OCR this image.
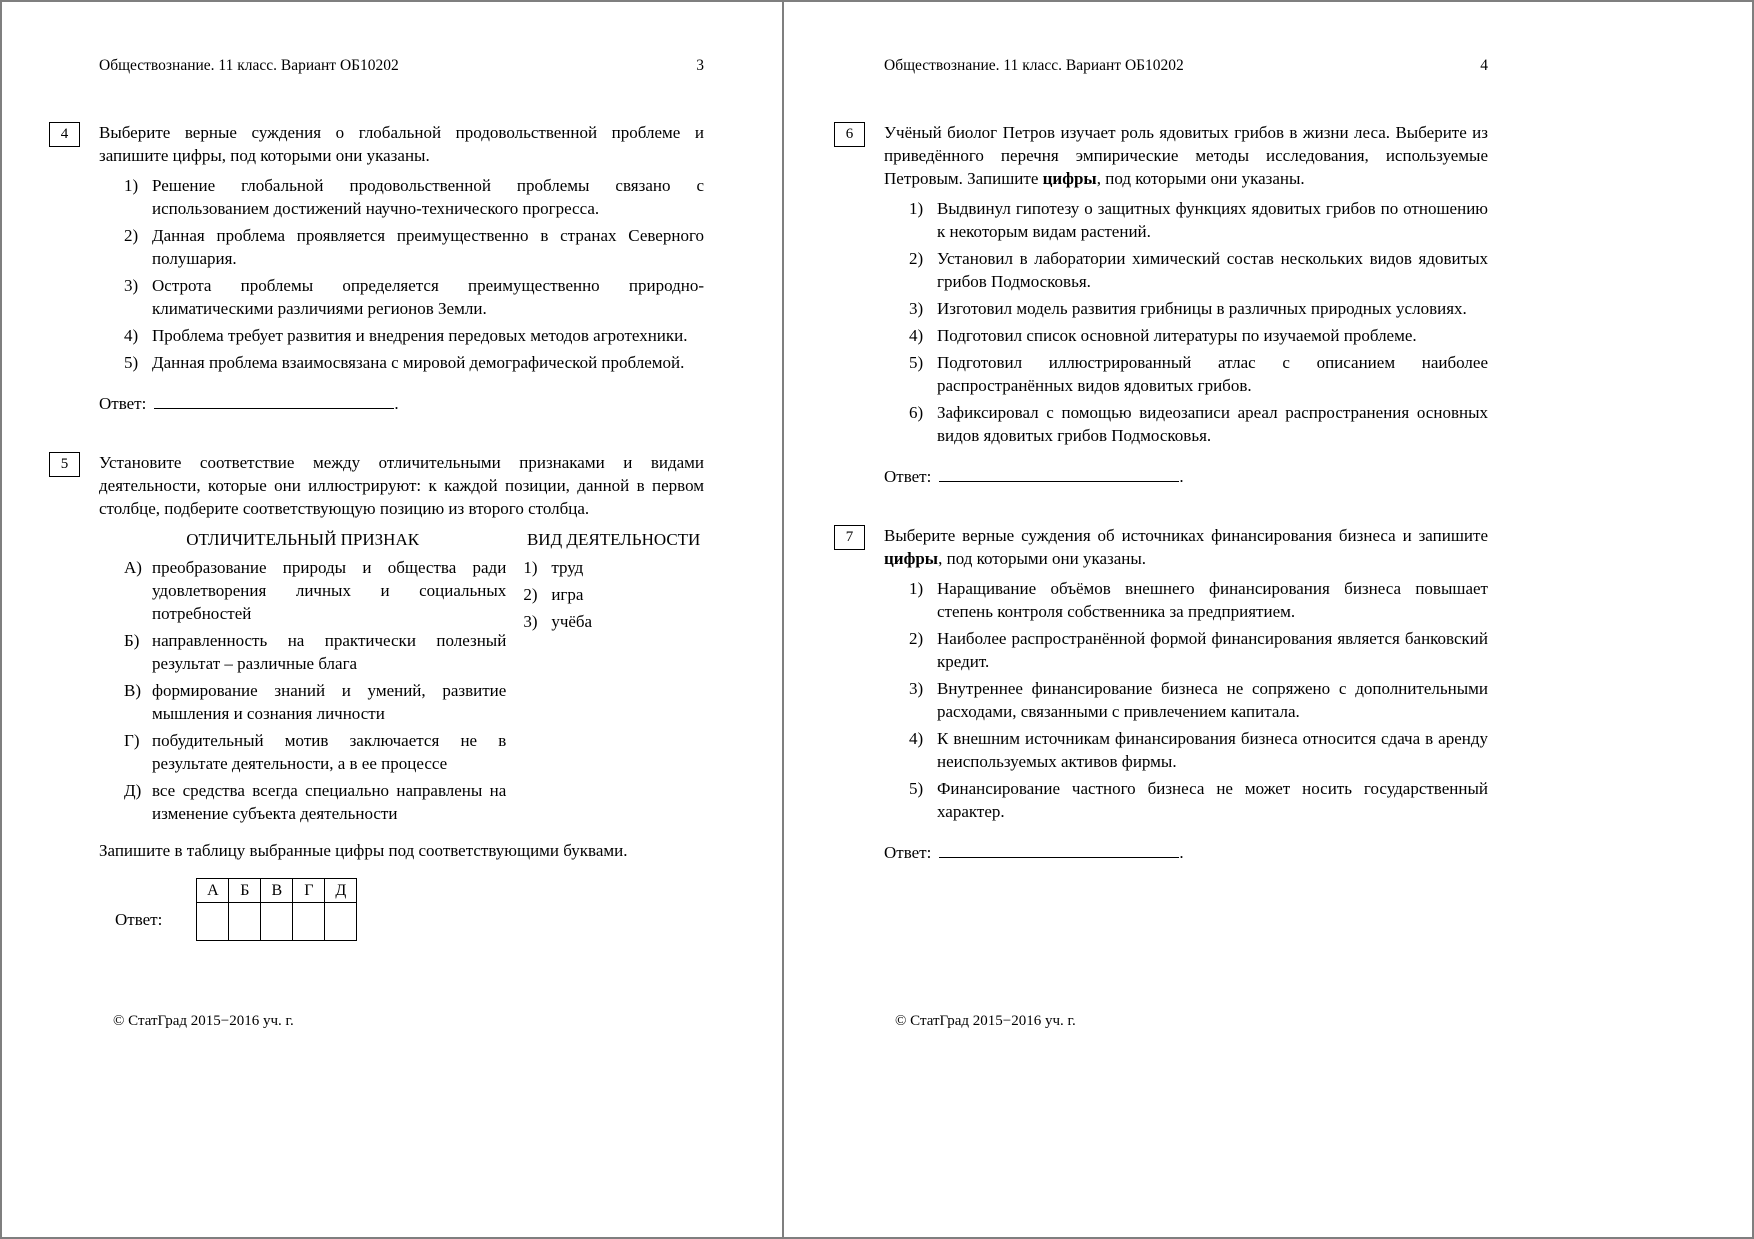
Обществознание. 11 класс. Вариант ОБ10202	3
4 Выберите верные суждения о глобальной продовольственной проблеме и запишите цифры, под которыми они указаны.

1) Решение глобальной продовольственной проблемы связано с использованием достижений научно-технического прогресса.
2) Данная проблема проявляется преимущественно в странах Северного полушария.
3) Острота проблемы определяется преимущественно природно-климатическими различиями регионов Земли.
4) Проблема требует развития и внедрения передовых методов агротехники.
5) Данная проблема взаимосвязана с мировой демографической проблемой.
Ответ:	.
5 Установите соответствие между отличительными признаками и видами деятельности, которые они иллюстрируют: к каждой позиции, данной в первом столбце, подберите соответствующую позицию из второго столбца.

ОТЛИЧИТЕЛЬНЫЙ ПРИЗНАК
А) преобразование природы и общества ради удовлетворения личных и социальных потребностей
Б) направленность на практически полезный результат – различные блага
В) формирование знаний и умений, развитие мышления и сознания личности
Г) побудительный мотив заключается не в результате деятельности, а в ее процессе
Д) все средства всегда специально направлены на изменение субъекта деятельности
ВИД ДЕЯТЕЛЬНОСТИ
1) труд
2) игра
3) учёба

Запишите в таблицу выбранные цифры под соответствующими буквами.

Ответ:
А	Б	В	Г	Д

© СтатГрад 2015−2016 уч. г.
Обществознание. 11 класс. Вариант ОБ10202	4
6 Учёный биолог Петров изучает роль ядовитых грибов в жизни леса. Выберите из приведённого перечня эмпирические методы исследования, используемые Петровым. Запишите цифры, под которыми они указаны.

1) Выдвинул гипотезу о защитных функциях ядовитых грибов по отношению к некоторым видам растений.
2) Установил в лаборатории химический состав нескольких видов ядовитых грибов Подмосковья.
3) Изготовил модель развития грибницы в различных природных условиях.
4) Подготовил список основной литературы по изучаемой проблеме.
5) Подготовил иллюстрированный атлас с описанием наиболее распространённых видов ядовитых грибов.
6) Зафиксировал с помощью видеозаписи ареал распространения основных видов ядовитых грибов Подмосковья.
Ответ:	.
7 Выберите верные суждения об источниках финансирования бизнеса и запишите цифры, под которыми они указаны.

1) Наращивание объёмов внешнего финансирования бизнеса повышает степень контроля собственника за предприятием.
2) Наиболее распространённой формой финансирования является банковский кредит.
3) Внутреннее финансирование бизнеса не сопряжено с дополнительными расходами, связанными с привлечением капитала.
4) К внешним источникам финансирования бизнеса относится сдача в аренду неиспользуемых активов фирмы.
5) Финансирование частного бизнеса не может носить государственный характер.
Ответ:	.
© СтатГрад 2015−2016 уч. г.
